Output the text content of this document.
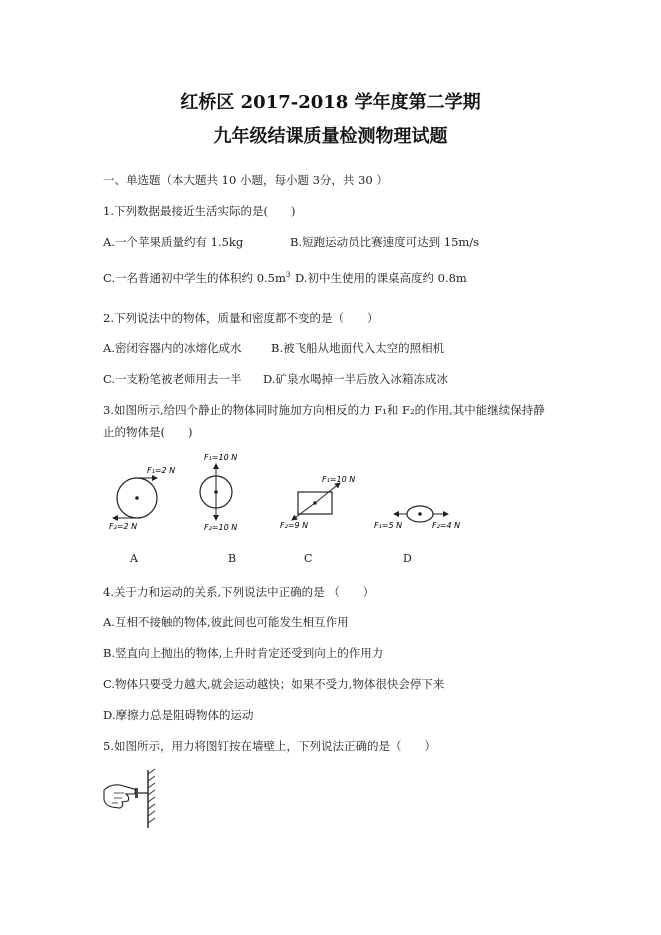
红桥区 2017-2018 学年度第二学期
九年级结课质量检测物理试题
一、单选题（本大题共 10 小题，每小题 3分，共 30 ）
1.下列数据最接近生活实际的是(　　)
A.一个苹果质量约有 1.5kg	B.短跑运动员比赛速度可达到 15m/s
C.一名普通初中学生的体积约 $0.5m^3$ D.初中生使用的课桌高度约 0.8m
2.下列说法中的物体，质量和密度都不变的是（　　）
A.密闭容器内的冰熔化成水	B.被飞船从地面代入太空的照相机
C.一支粉笔被老师用去一半 D.矿泉水喝掉一半后放入冰箱冻成冰
3.如图所示,给四个静止的物体同时施加方向相反的力 F₁和 F₂的作用,其中能继续保持静
止的物体是(　　)
F₁=2 N
F₂=2 N
F₁=10 N
F₂=10 N
F₁=10 N
F₂=9 N	F₁=5 N	F₂=4 N
A	B	C	D
4.关于力和运动的关系,下列说法中正确的是 （　　）
A.互相不接触的物体,彼此间也可能发生相互作用
B.竖直向上抛出的物体,上升时肯定还受到向上的作用力
C.物体只要受力越大,就会运动越快；如果不受力,物体很快会停下来
D.摩擦力总是阻碍物体的运动
5.如图所示，用力将图钉按在墙壁上，下列说法正确的是（　　）
